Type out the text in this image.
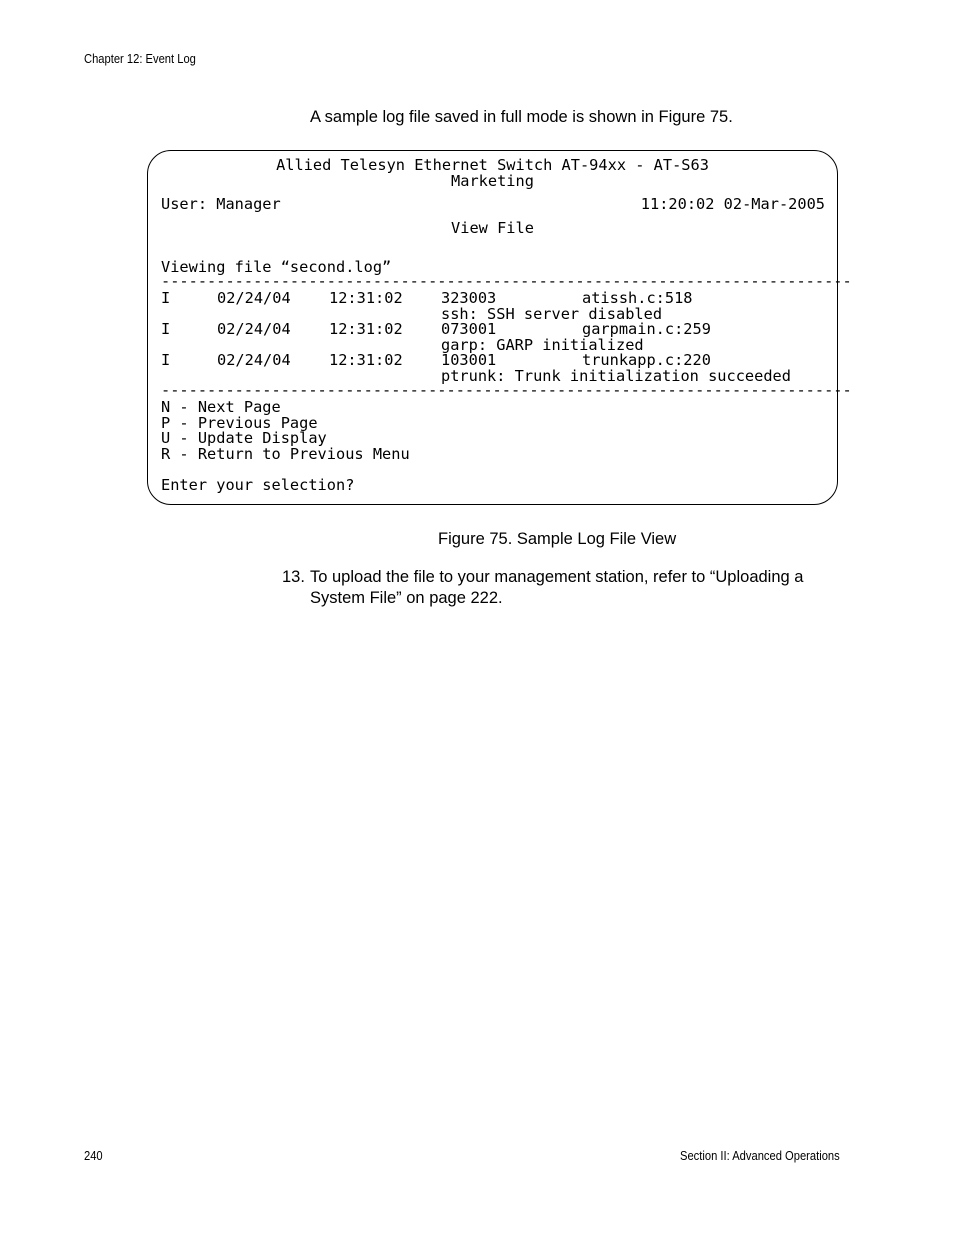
Chapter 12: Event Log
A sample log file saved in full mode is shown in Figure 75.
Allied Telesyn Ethernet Switch AT-94xx - AT-S63
Marketing
User: Manager	11:20:02 02-Mar-2005
View File
Viewing file “second.log”
---------------------------------------------------------------------------
I	02/24/04	12:31:02	323003	atissh.c:518
ssh: SSH server disabled
I	02/24/04	12:31:02	073001	garpmain.c:259
garp: GARP initialized
I	02/24/04	12:31:02	103001	trunkapp.c:220
ptrunk: Trunk initialization succeeded
---------------------------------------------------------------------------
N - Next Page
P - Previous Page
U - Update Display
R - Return to Previous Menu
Enter your selection?
Figure 75. Sample Log File View
13. To upload the file to your management station, refer to “Uploading a System File” on page 222.
240	Section II: Advanced Operations
